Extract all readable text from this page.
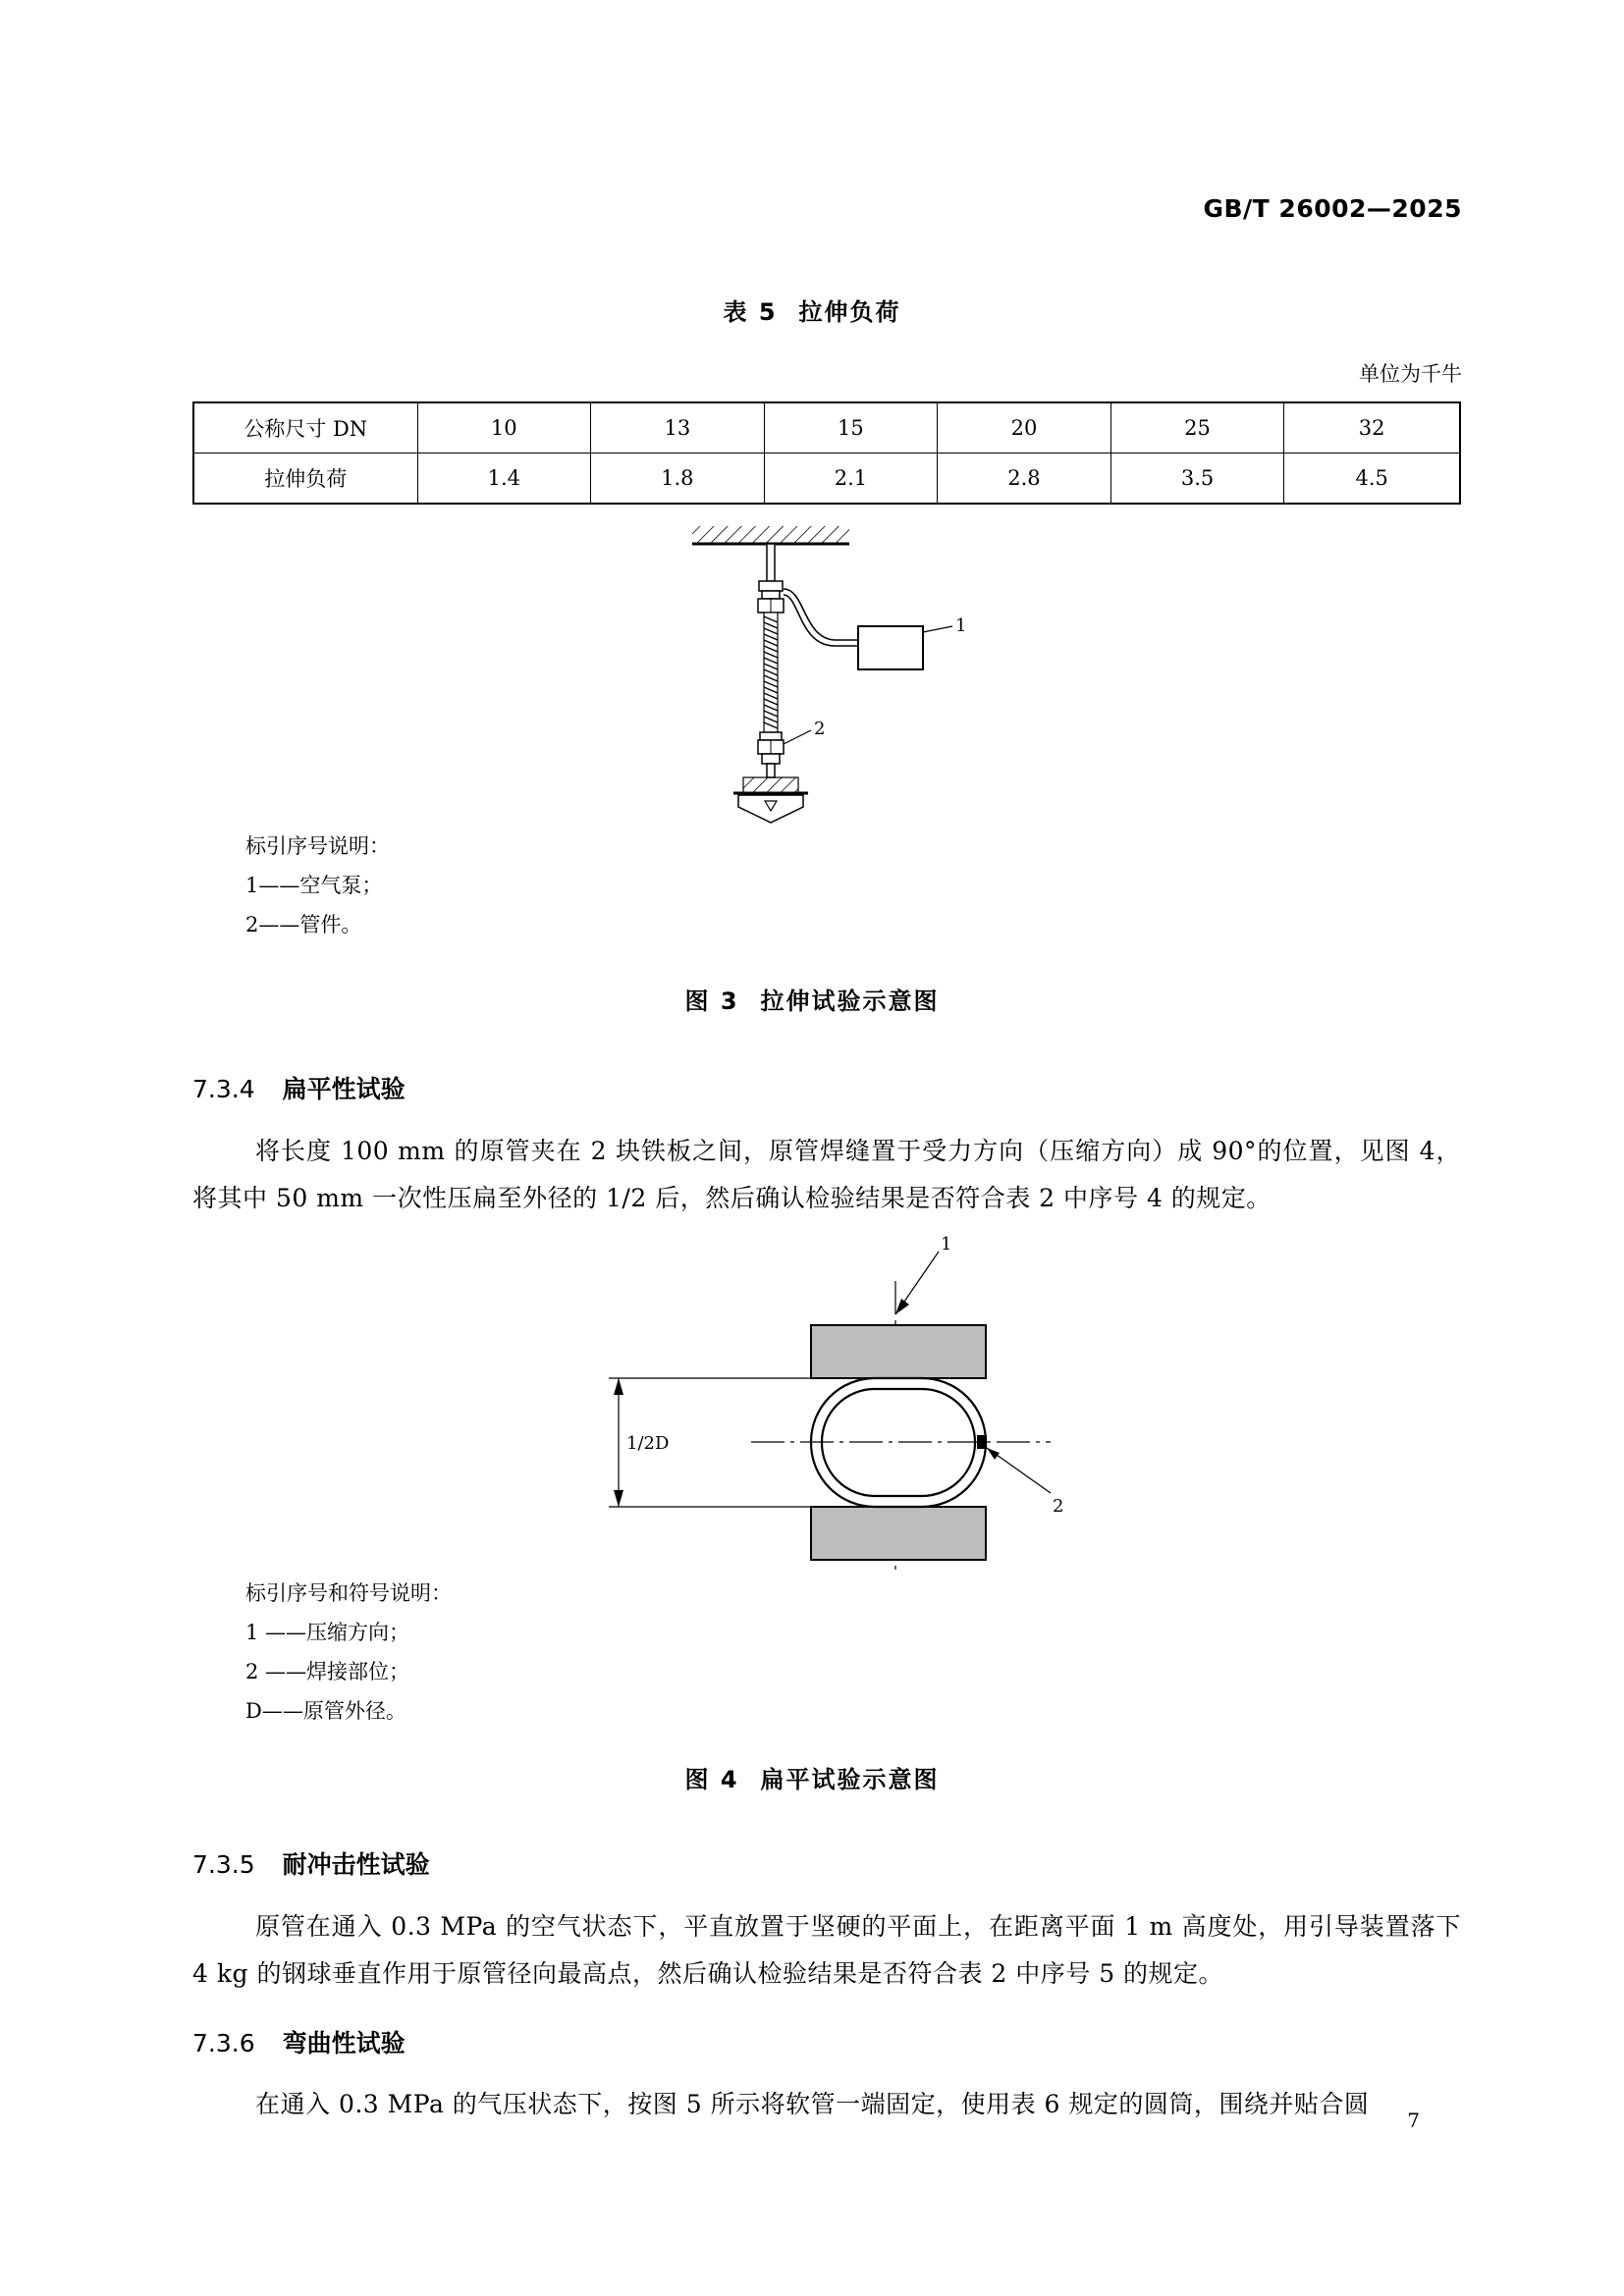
GB/T 26002—2025
表 5 拉伸负荷
单位为千牛
公称尺寸 DN	10	13	15	20	25	32
拉伸负荷	1.4	1.8	2.1	2.8	3.5	4.5
1
2
标引序号说明：
1——空气泵；
2——管件。
图 3 拉伸试验示意图
7.3.4 扁平性试验
将长度 100 mm 的原管夹在 2 块铁板之间，原管焊缝置于受力方向（压缩方向）成 90°的位置，见图 4，将其中 50 mm 一次性压扁至外径的 1/2 后，然后确认检验结果是否符合表 2 中序号 4 的规定。
1
2
1/2D
标引序号和符号说明：
1 ——压缩方向；
2 ——焊接部位；
D——原管外径。
图 4 扁平试验示意图
7.3.5 耐冲击性试验
原管在通入 0.3 MPa 的空气状态下，平直放置于坚硬的平面上，在距离平面 1 m 高度处，用引导装置落下 4 kg 的钢球垂直作用于原管径向最高点，然后确认检验结果是否符合表 2 中序号 5 的规定。
7.3.6 弯曲性试验
在通入 0.3 MPa 的气压状态下，按图 5 所示将软管一端固定，使用表 6 规定的圆筒，围绕并贴合圆
7
